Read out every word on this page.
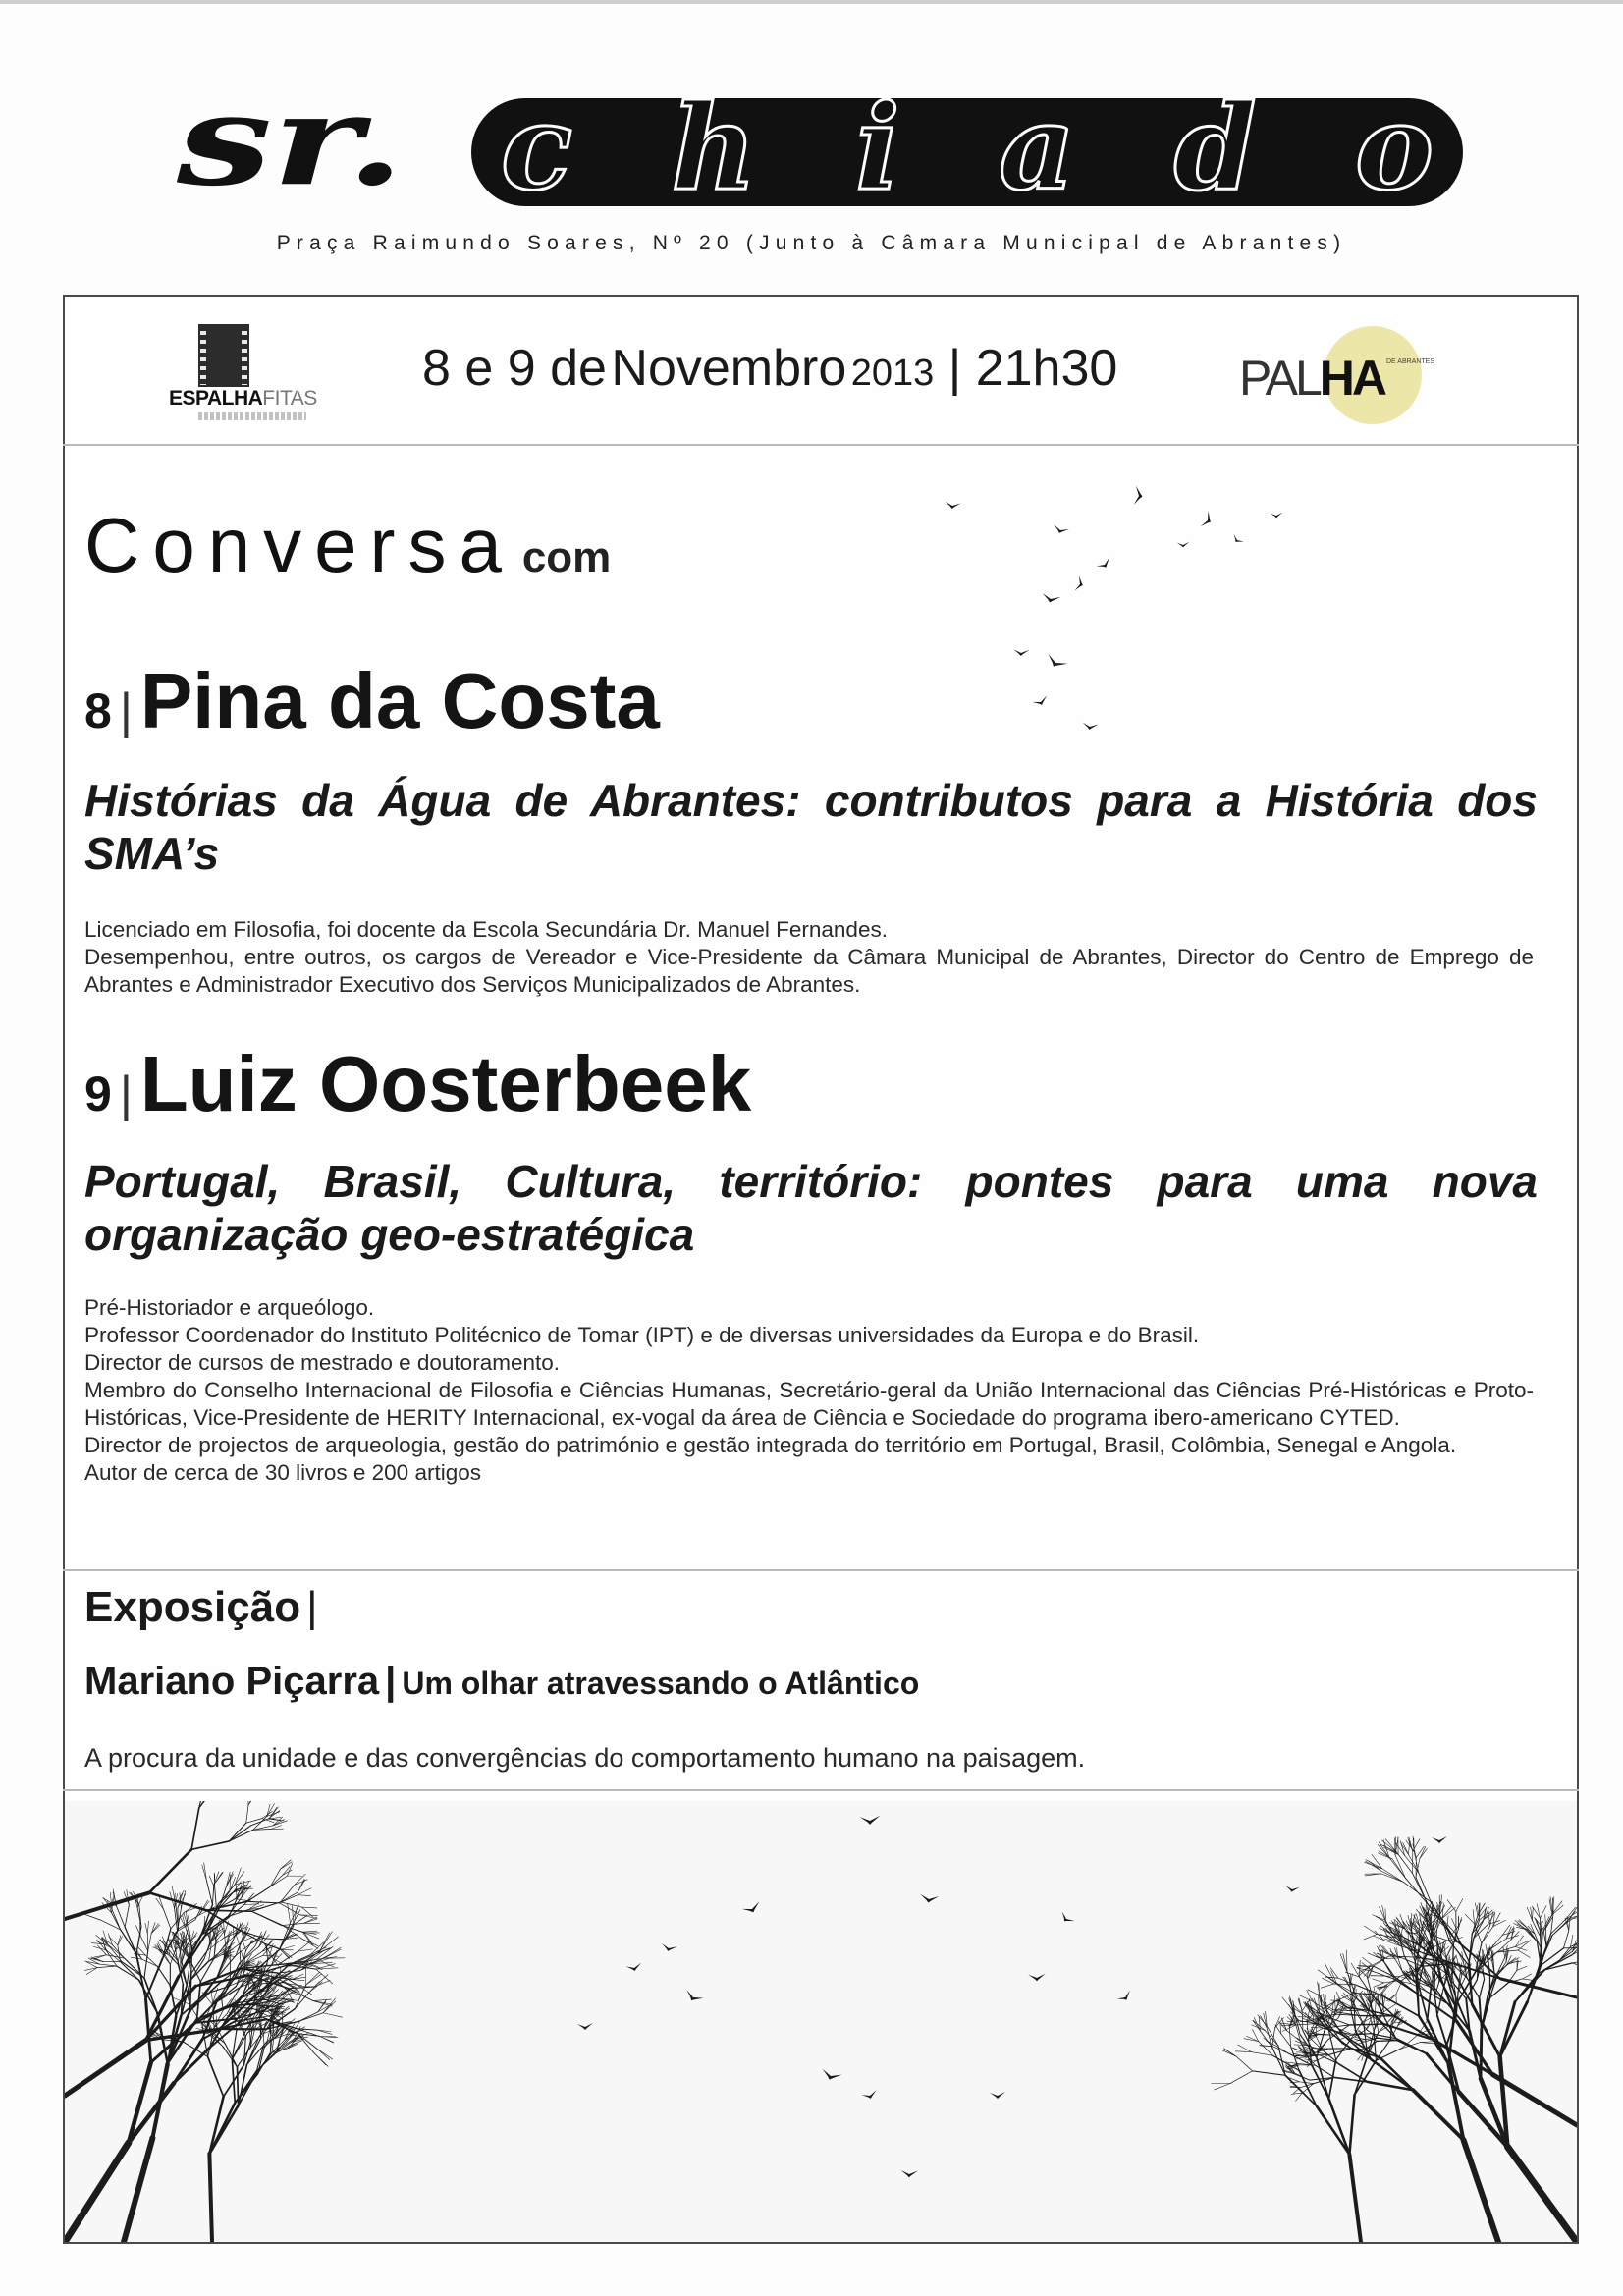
sr. chiado
Praça Raimundo Soares, Nº 20 (Junto à Câmara Municipal de Abrantes)
ESPALHAFITAS
8 e 9 de Novembro 2013 | 21h30 PALHA DE ABRANTES
Conversa com
8 | Pina da Costa
Histórias da Água de Abrantes: contributos para a História dos SMA’s
Licenciado em Filosofia, foi docente da Escola Secundária Dr. Manuel Fernandes.
Desempenhou, entre outros, os cargos de Vereador e Vice-Presidente da Câmara Municipal de Abrantes, Director do Centro de Emprego de Abrantes e Administrador Executivo dos Serviços Municipalizados de Abrantes.
9 | Luiz Oosterbeek
Portugal, Brasil, Cultura, território: pontes para uma nova organização geo-estratégica
Pré-Historiador e arqueólogo.
Professor Coordenador do Instituto Politécnico de Tomar (IPT) e de diversas universidades da Europa e do Brasil.
Director de cursos de mestrado e doutoramento.
Membro do Conselho Internacional de Filosofia e Ciências Humanas, Secretário-geral da União Internacional das Ciências Pré-Históricas e Proto-Históricas, Vice-Presidente de HERITY Internacional, ex-vogal da área de Ciência e Sociedade do programa ibero-americano CYTED.
Director de projectos de arqueologia, gestão do património e gestão integrada do território em Portugal, Brasil, Colômbia, Senegal e Angola.
Autor de cerca de 30 livros e 200 artigos
Exposição |
Mariano Piçarra | Um olhar atravessando o Atlântico
A procura da unidade e das convergências do comportamento humano na paisagem.
